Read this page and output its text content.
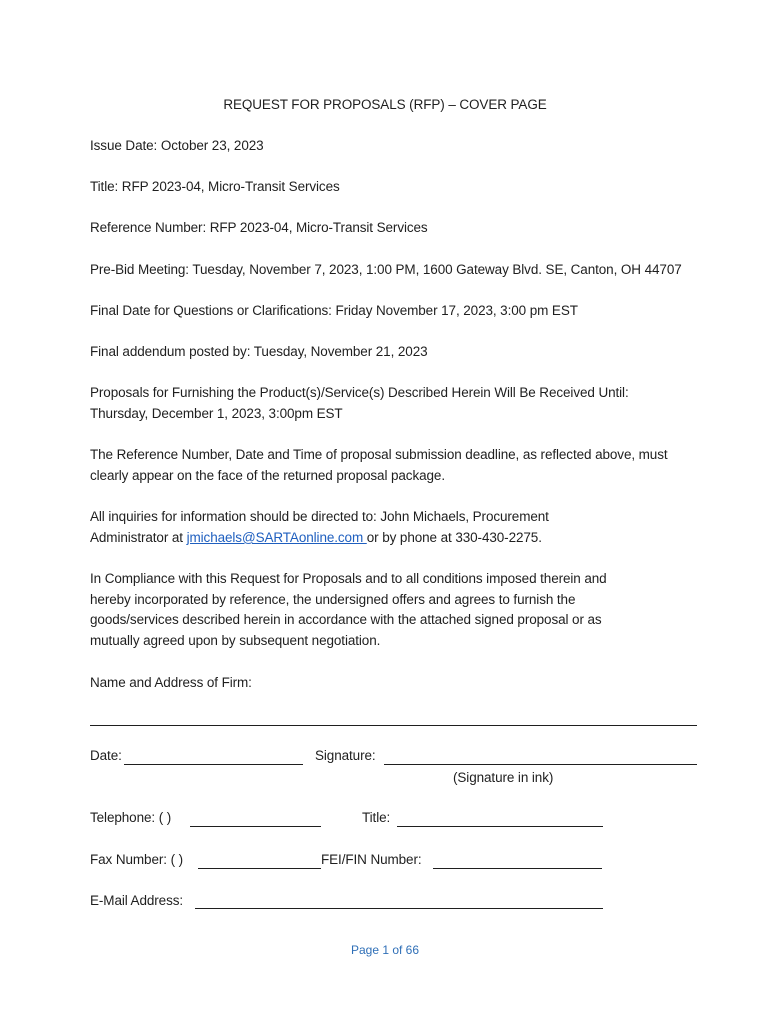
REQUEST FOR PROPOSALS (RFP) – COVER PAGE
Issue Date: October 23, 2023
Title: RFP 2023-04, Micro-Transit Services
Reference Number: RFP 2023-04, Micro-Transit Services
Pre-Bid Meeting: Tuesday, November 7, 2023, 1:00 PM, 1600 Gateway Blvd. SE, Canton, OH 44707
Final Date for Questions or Clarifications: Friday November 17, 2023, 3:00 pm EST
Final addendum posted by: Tuesday, November 21, 2023
Proposals for Furnishing the Product(s)/Service(s) Described Herein Will Be Received Until:
Thursday, December 1, 2023, 3:00pm EST
The Reference Number, Date and Time of proposal submission deadline, as reflected above, must
clearly appear on the face of the returned proposal package.
All inquiries for information should be directed to: John Michaels, Procurement
Administrator at jmichaels@SARTAonline.com or by phone at 330-430-2275.
In Compliance with this Request for Proposals and to all conditions imposed therein and
hereby incorporated by reference, the undersigned offers and agrees to furnish the
goods/services described herein in accordance with the attached signed proposal or as
mutually agreed upon by subsequent negotiation.
Name and Address of Firm:
Date:	Signature:
(Signature in ink)
Telephone: ( )	Title:
Fax Number: ( )	FEI/FIN Number:
E-Mail Address:
Page 1 of 66
